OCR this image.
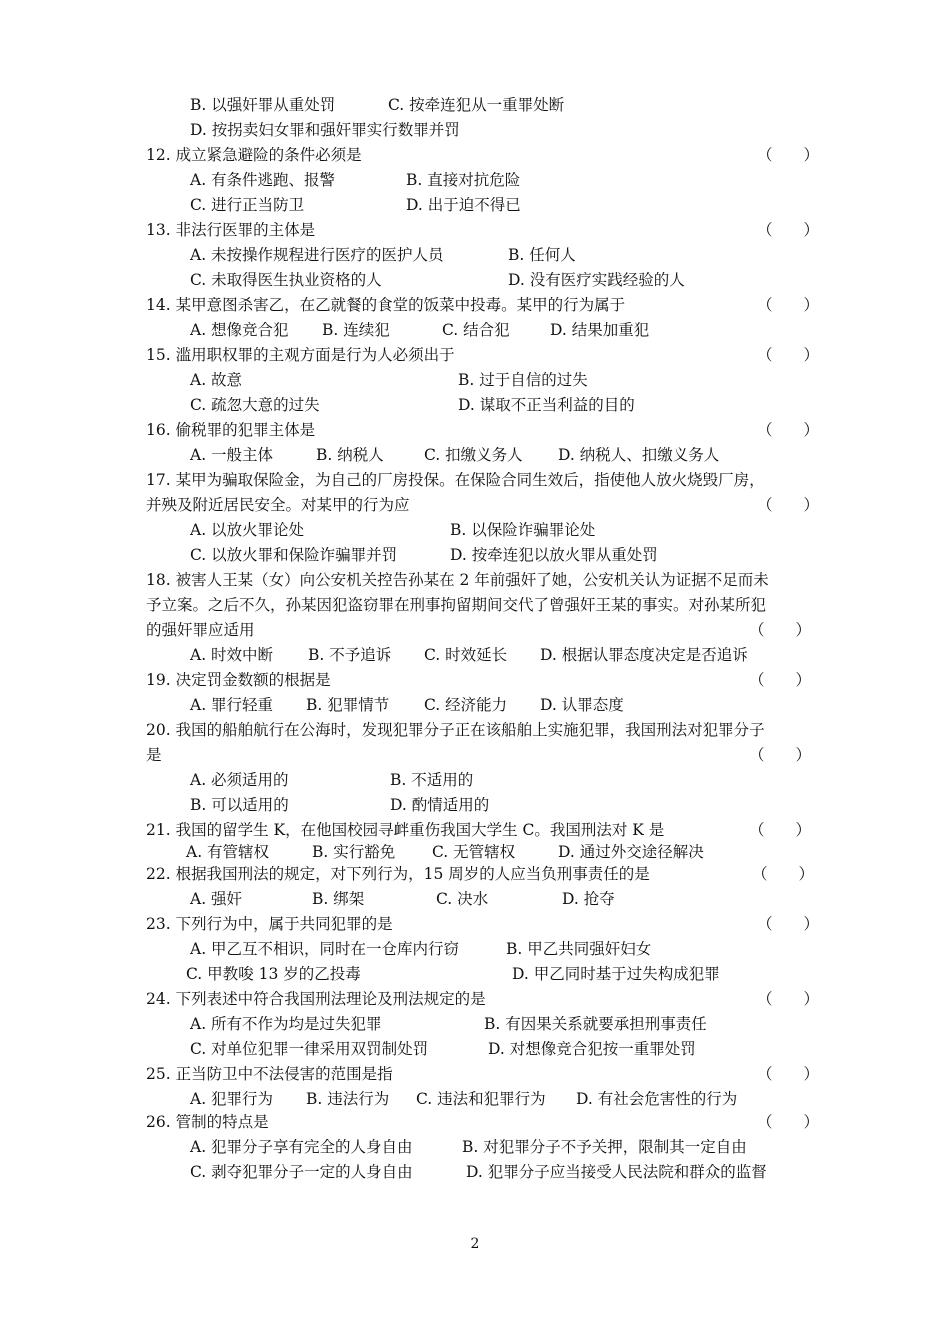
B. 以强奸罪从重处罚	C. 按牵连犯从一重罪处断
D. 按拐卖妇女罪和强奸罪实行数罪并罚
12. 成立紧急避险的条件必须是	（　　）
A. 有条件逃跑、报警	B. 直接对抗危险
C. 进行正当防卫	D. 出于迫不得已
13. 非法行医罪的主体是	（　　）
A. 未按操作规程进行医疗的医护人员	B. 任何人
C. 未取得医生执业资格的人	D. 没有医疗实践经验的人
14. 某甲意图杀害乙，在乙就餐的食堂的饭菜中投毒。某甲的行为属于	（　　）
A. 想像竞合犯 B. 连续犯	C. 结合犯	D. 结果加重犯
15. 滥用职权罪的主观方面是行为人必须出于	（　　）
A. 故意	B. 过于自信的过失
C. 疏忽大意的过失	D. 谋取不正当利益的目的
16. 偷税罪的犯罪主体是	（　　）
A. 一般主体	B. 纳税人	C. 扣缴义务人 D. 纳税人、扣缴义务人
17. 某甲为骗取保险金，为自己的厂房投保。在保险合同生效后，指使他人放火烧毁厂房，
并殃及附近居民安全。对某甲的行为应	（　　）
A. 以放火罪论处	B. 以保险诈骗罪论处
C. 以放火罪和保险诈骗罪并罚	D. 按牵连犯以放火罪从重处罚
18. 被害人王某（女）向公安机关控告孙某在 2 年前强奸了她，公安机关认为证据不足而未
予立案。之后不久，孙某因犯盗窃罪在刑事拘留期间交代了曾强奸王某的事实。对孙某所犯
的强奸罪应适用	（　　）
A. 时效中断 B. 不予追诉 C. 时效延长 D. 根据认罪态度决定是否追诉
19. 决定罚金数额的根据是	（　　）
A. 罪行轻重 B. 犯罪情节 C. 经济能力 D. 认罪态度
20. 我国的船舶航行在公海时，发现犯罪分子正在该船舶上实施犯罪，我国刑法对犯罪分子
是	（　　）
A. 必须适用的	B. 不适用的
B. 可以适用的	D. 酌情适用的
21. 我国的留学生 K，在他国校园寻衅重伤我国大学生 C。我国刑法对 K 是	（　　）
A. 有管辖权	B. 实行豁免 C. 无管辖权	D. 通过外交途径解决
22. 根据我国刑法的规定，对下列行为，15 周岁的人应当负刑事责任的是	（　　）
A. 强奸	B. 绑架	C. 决水	D. 抢夺
23. 下列行为中，属于共同犯罪的是	（　　）
A. 甲乙互不相识，同时在一仓库内行窃	B. 甲乙共同强奸妇女
C. 甲教唆 13 岁的乙投毒	D. 甲乙同时基于过失构成犯罪
24. 下列表述中符合我国刑法理论及刑法规定的是	（　　）
A. 所有不作为均是过失犯罪	B. 有因果关系就要承担刑事责任
C. 对单位犯罪一律采用双罚制处罚	D. 对想像竞合犯按一重罪处罚
25. 正当防卫中不法侵害的范围是指	（　　）
A. 犯罪行为 B. 违法行为 C. 违法和犯罪行为 D. 有社会危害性的行为
26. 管制的特点是	（　　）
A. 犯罪分子享有完全的人身自由	B. 对犯罪分子不予关押，限制其一定自由
C. 剥夺犯罪分子一定的人身自由	D. 犯罪分子应当接受人民法院和群众的监督
2
